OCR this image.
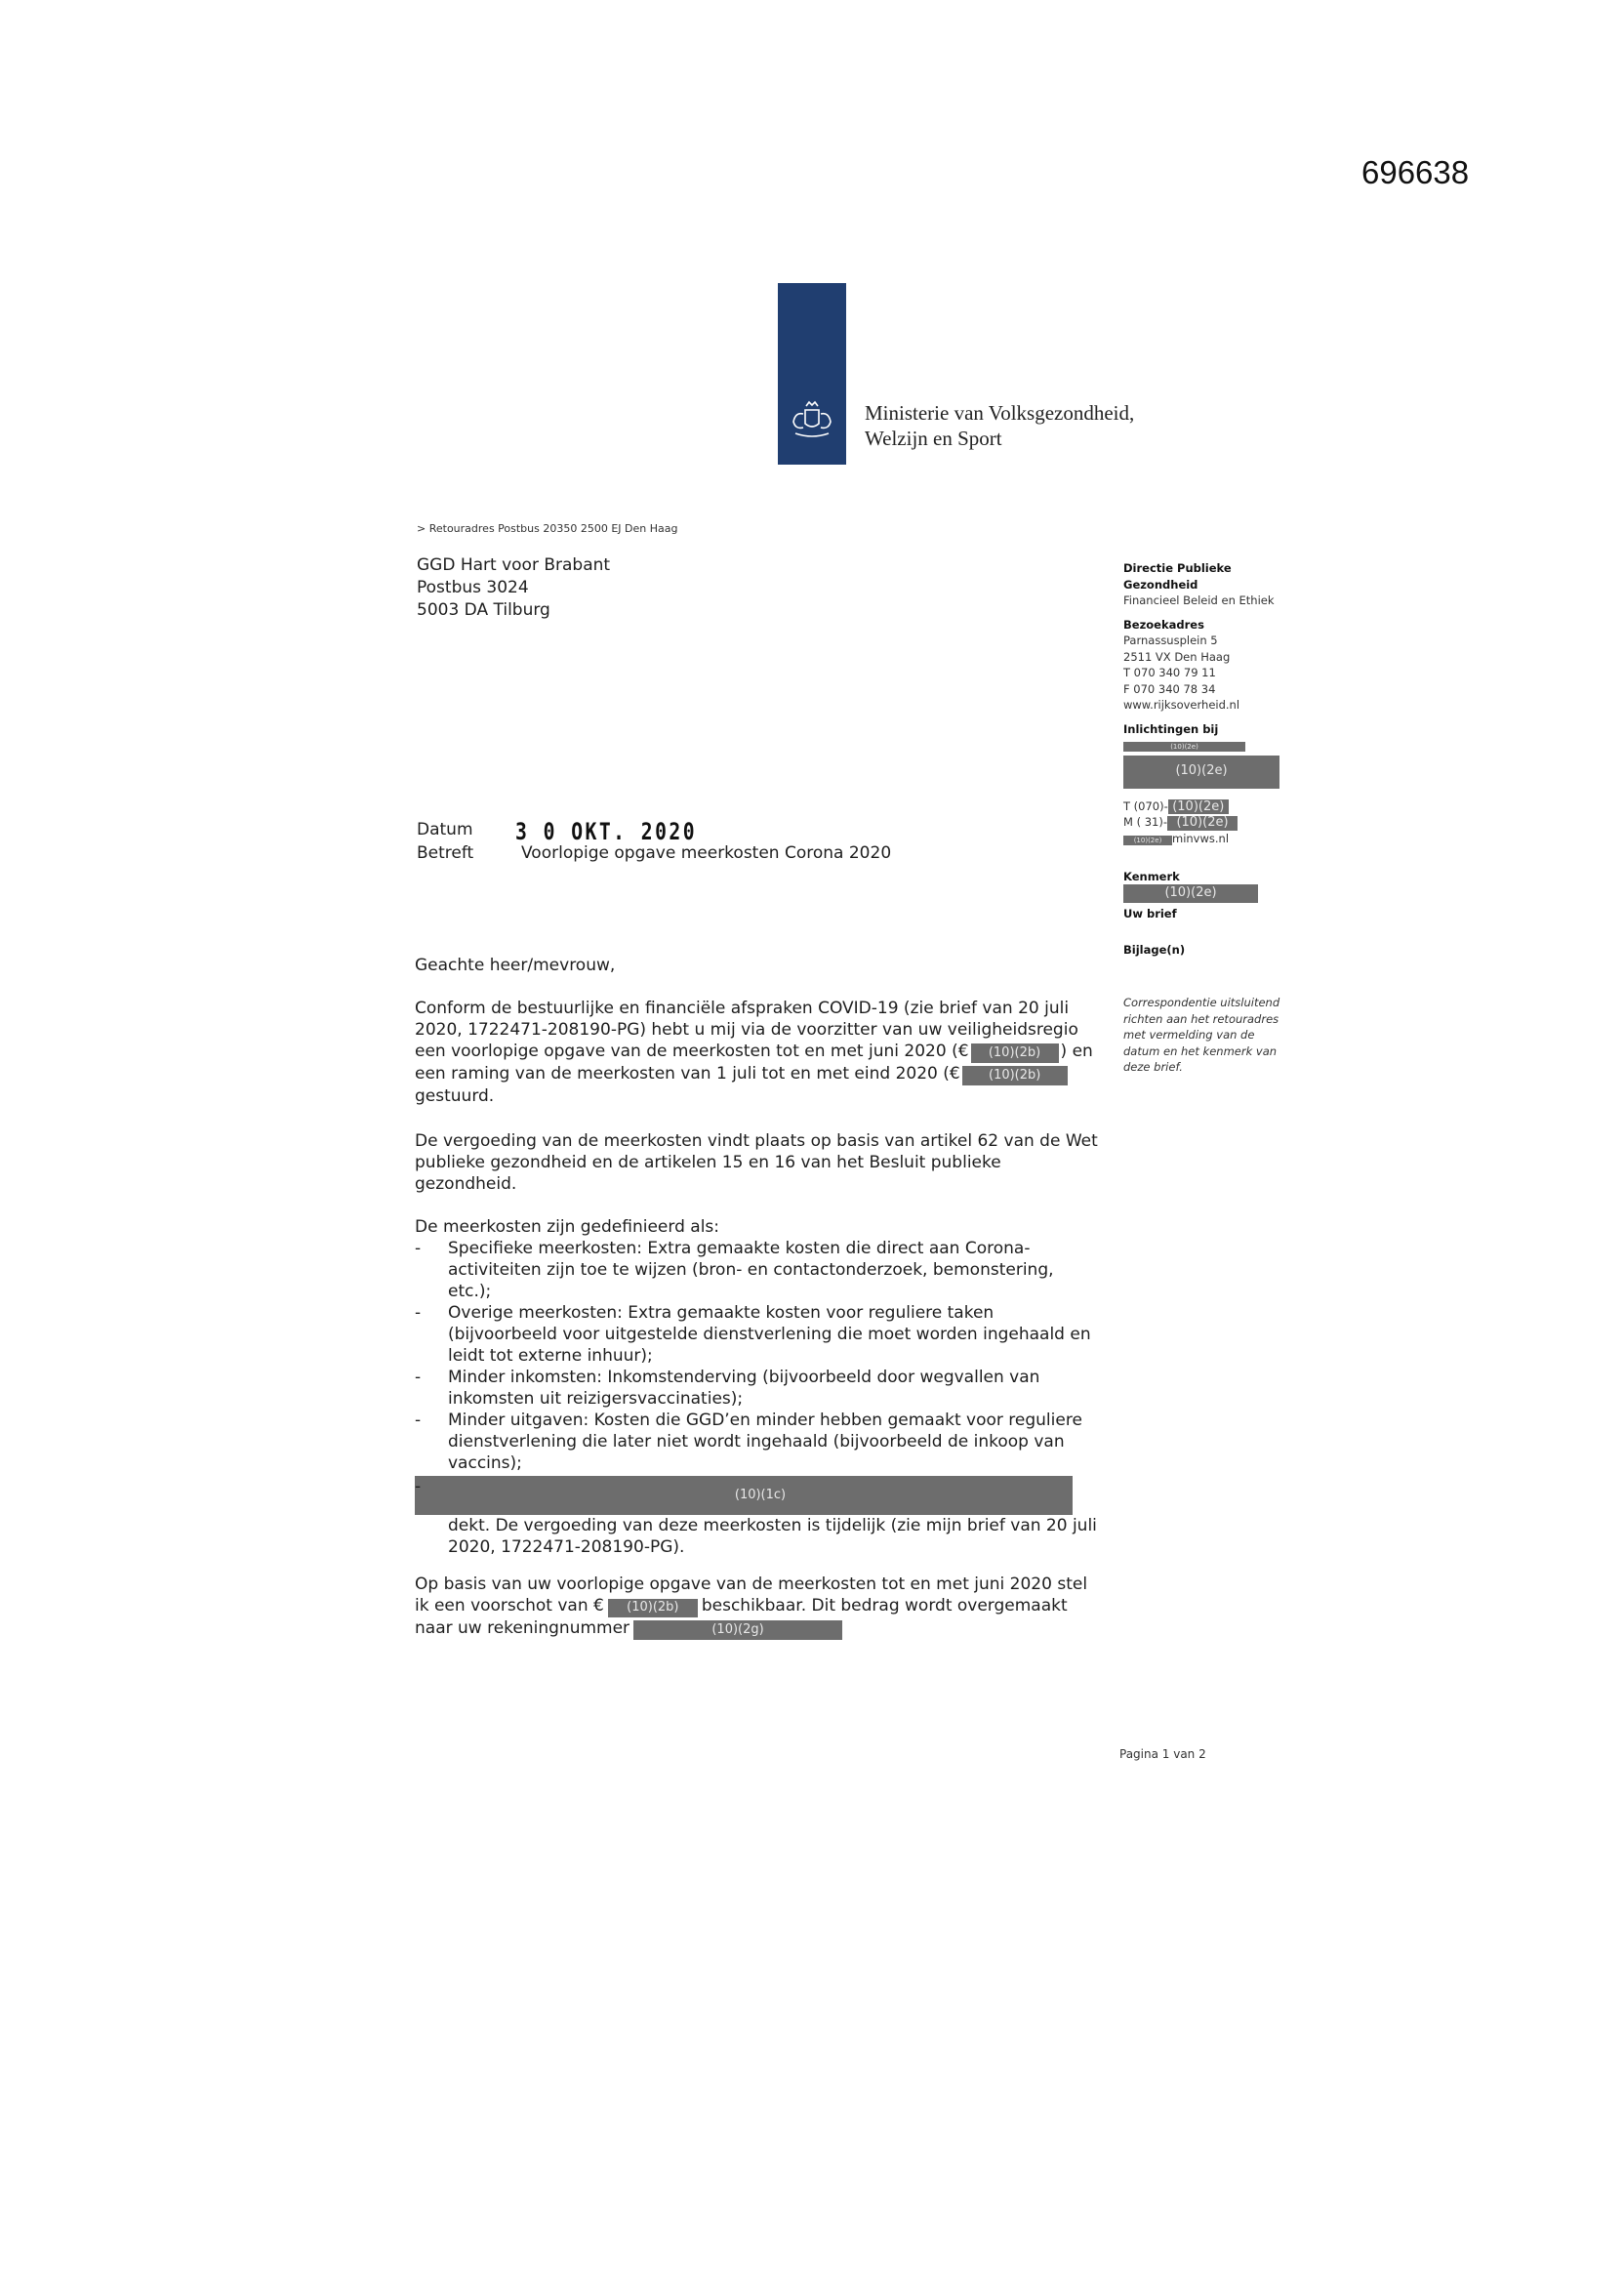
696638
Ministerie van Volksgezondheid,
Welzijn en Sport
> Retouradres Postbus 20350 2500 EJ Den Haag
GGD Hart voor Brabant
Postbus 3024
5003 DA Tilburg
Directie Publieke
Gezondheid
Financieel Beleid en Ethiek
Bezoekadres
Parnassusplein 5
2511 VX Den Haag
T 070 340 79 11
F 070 340 78 34
www.rijksoverheid.nl
Inlichtingen bij
(10)(2e) (10)(2e)
T (070)- (10)(2e)
M ( 31)- (10)(2e)
(10)(2e) minvws.nl
Kenmerk
(10)(2e)
Uw brief
Bijlage(n)
Correspondentie uitsluitend
richten aan het retouradres
met vermelding van de
datum en het kenmerk van
deze brief.
Datum
Betreft	Voorlopige opgave meerkosten Corona 2020
3 0 OKT. 2020
Geachte heer/mevrouw,
Conform de bestuurlijke en financiële afspraken COVID-19 (zie brief van 20 juli
2020, 1722471-208190-PG) hebt u mij via de voorzitter van uw veiligheidsregio
een voorlopige opgave van de meerkosten tot en met juni 2020 (€ (10)(2b) ) en
een raming van de meerkosten van 1 juli tot en met eind 2020 (€ (10)(2b)
gestuurd.
De vergoeding van de meerkosten vindt plaats op basis van artikel 62 van de Wet
publieke gezondheid en de artikelen 15 en 16 van het Besluit publieke
gezondheid.
De meerkosten zijn gedefinieerd als:
- Specifieke meerkosten: Extra gemaakte kosten die direct aan Corona-
activiteiten zijn toe te wijzen (bron- en contactonderzoek, bemonstering,
etc.);
- Overige meerkosten: Extra gemaakte kosten voor reguliere taken
(bijvoorbeeld voor uitgestelde dienstverlening die moet worden ingehaald en
leidt tot externe inhuur);
- Minder inkomsten: Inkomstenderving (bijvoorbeeld door wegvallen van
inkomsten uit reizigersvaccinaties);
- Minder uitgaven: Kosten die GGD’en minder hebben gemaakt voor reguliere
dienstverlening die later niet wordt ingehaald (bijvoorbeeld de inkoop van
vaccins);
- (10)(1c)
dekt. De vergoeding van deze meerkosten is tijdelijk (zie mijn brief van 20 juli
2020, 1722471-208190-PG).
Op basis van uw voorlopige opgave van de meerkosten tot en met juni 2020 stel
ik een voorschot van € (10)(2b) beschikbaar. Dit bedrag wordt overgemaakt
naar uw rekeningnummer	(10)(2g)
Pagina 1 van 2
